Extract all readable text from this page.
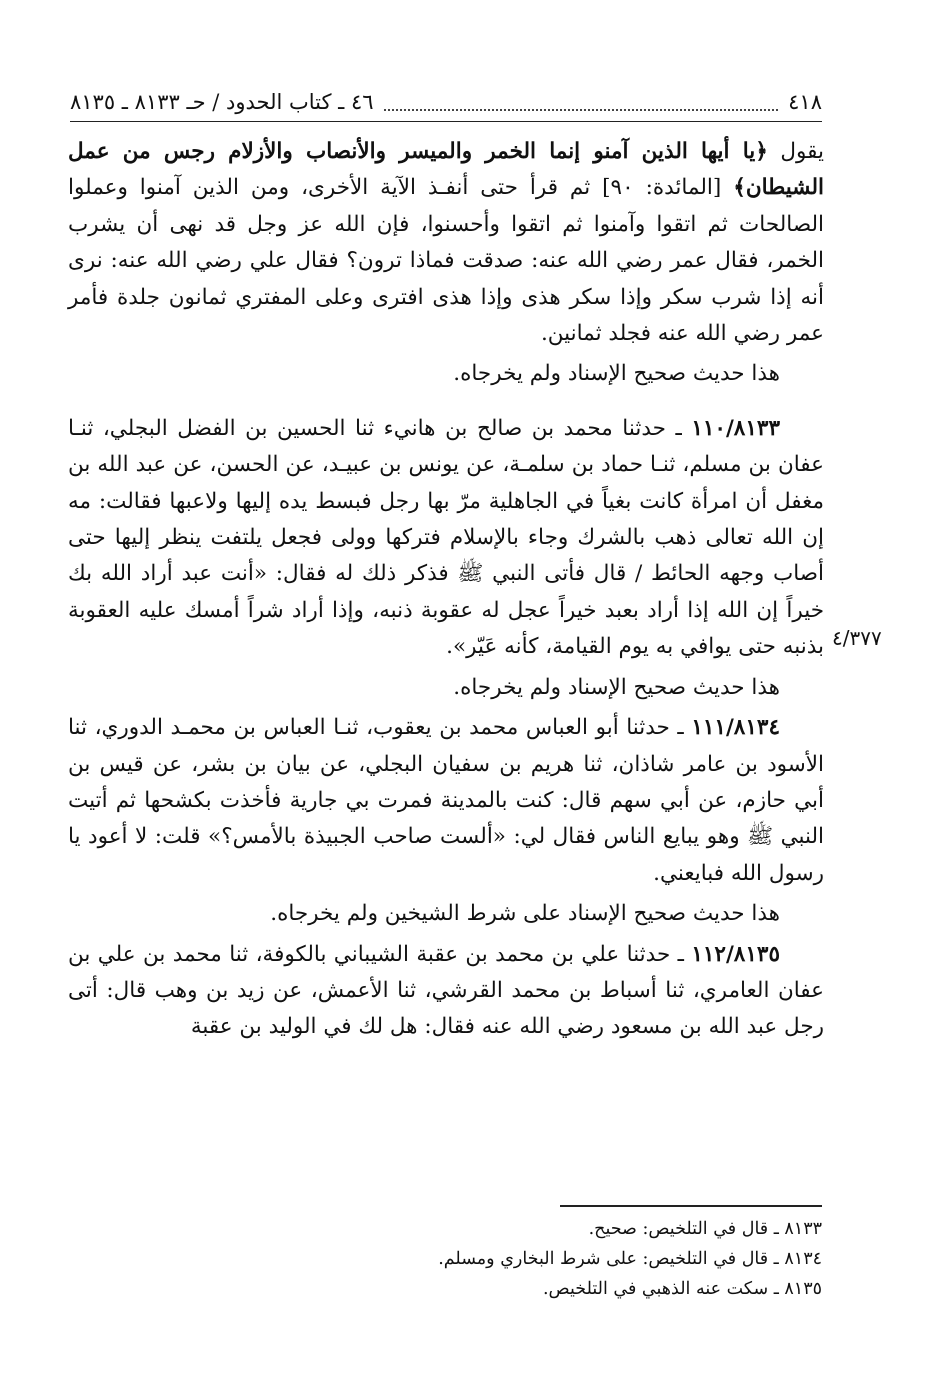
٤١٨
٤٦ ـ كتاب الحدود / حـ ٨١٣٣ ـ ٨١٣٥
٤/٣٧٧

يقول ﴿يا أيها الذين آمنو إنما الخمر والميسر والأنصاب والأزلام رجس من عمل الشيطان﴾ [المائدة: ٩٠] ثم قرأ حتى أنفـذ الآية الأخرى، ومن الذين آمنوا وعملوا الصالحات ثم اتقوا وآمنوا ثم اتقوا وأحسنوا، فإن الله عز وجل قد نهى أن يشرب الخمر، فقال عمر رضي الله عنه: صدقت فماذا ترون؟ فقال علي رضي الله عنه: نرى أنه إذا شرب سكر وإذا سكر هذى وإذا هذى افترى وعلى المفتري ثمانون جلدة فأمر عمر رضي الله عنه فجلد ثمانين.

هذا حديث صحيح الإسناد ولم يخرجاه.

١١٠/٨١٣٣ ـ حدثنا محمد بن صالح بن هانيء ثنا الحسين بن الفضل البجلي، ثنـا عفان بن مسلم، ثنـا حماد بن سلمـة، عن يونس بن عبيـد، عن الحسن، عن عبد الله بن مغفل أن امرأة كانت بغياً في الجاهلية مرّ بها رجل فبسط يده إليها ولاعبها فقالت: مه إن الله تعالى ذهب بالشرك وجاء بالإسلام فتركها وولى فجعل يلتفت ينظر إليها حتى أصاب وجهه الحائط / قال فأتى النبي ﷺ فذكر ذلك له فقال: «أنت عبد أراد الله بك خيراً إن الله إذا أراد بعبد خيراً عجل له عقوبة ذنبه، وإذا أراد شراً أمسك عليه العقوبة بذنبه حتى يوافي به يوم القيامة، كأنه عَيّر».

هذا حديث صحيح الإسناد ولم يخرجاه.

١١١/٨١٣٤ ـ حدثنا أبو العباس محمد بن يعقوب، ثنـا العباس بن محمـد الدوري، ثنا الأسود بن عامر شاذان، ثنا هريم بن سفيان البجلي، عن بيان بن بشر، عن قيس بن أبي حازم، عن أبي سهم قال: كنت بالمدينة فمرت بي جارية فأخذت بكشحها ثم أتيت النبي ﷺ وهو يبايع الناس فقال لي: «ألست صاحب الجبيذة بالأمس؟» قلت: لا أعود يا رسول الله فبايعني.

هذا حديث صحيح الإسناد على شرط الشيخين ولم يخرجاه.

١١٢/٨١٣٥ ـ حدثنا علي بن محمد بن عقبة الشيباني بالكوفة، ثنا محمد بن علي بن عفان العامري، ثنا أسباط بن محمد القرشي، ثنا الأعمش، عن زيد بن وهب قال: أتى رجل عبد الله بن مسعود رضي الله عنه فقال: هل لك في الوليد بن عقبة

٨١٣٣ ـ قال في التلخيص: صحيح.
٨١٣٤ ـ قال في التلخيص: على شرط البخاري ومسلم.
٨١٣٥ ـ سكت عنه الذهبي في التلخيص.
